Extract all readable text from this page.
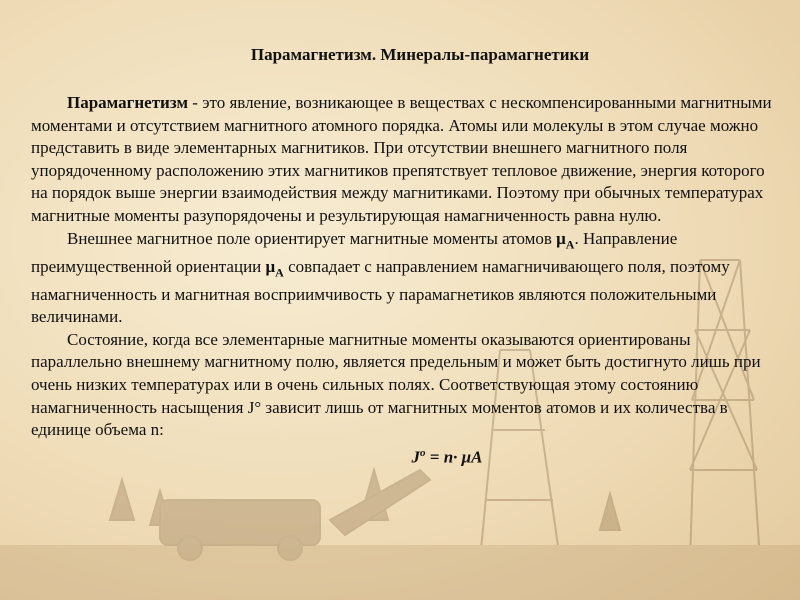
Парамагнетизм. Минералы-парамагнетики

Парамагнетизм - это явление, возникающее в веществах с нескомпенсированными магнитными моментами и отсутствием магнитного атомного порядка. Атомы или молекулы в этом случае можно представить в виде элементарных магнитиков. При отсутствии внешнего магнитного поля упорядоченному расположению этих магнитиков препятствует тепловое движение, энергия которого на порядок выше энергии взаимодействия между магнитиками. Поэтому при обычных температурах магнитные моменты разупорядочены и результирующая намагниченность равна нулю.

Внешнее магнитное поле ориентирует магнитные моменты атомов $\mu_A$. Направление преимущественной ориентации $\mu_A$ совпадает с направлением намагничивающего поля, поэтому намагниченность и магнитная восприимчивость у парамагнетиков являются положительными величинами.

Состояние, когда все элементарные магнитные моменты оказываются ориентированы параллельно внешнему магнитному полю, является предельным и может быть достигнуто лишь при очень низких температурах или в очень сильных полях. Соответствующая этому состоянию намагниченность насыщения J° зависит лишь от магнитных моментов атомов и их количества в единице объема n:

$J^o = n\cdot \mu A$
